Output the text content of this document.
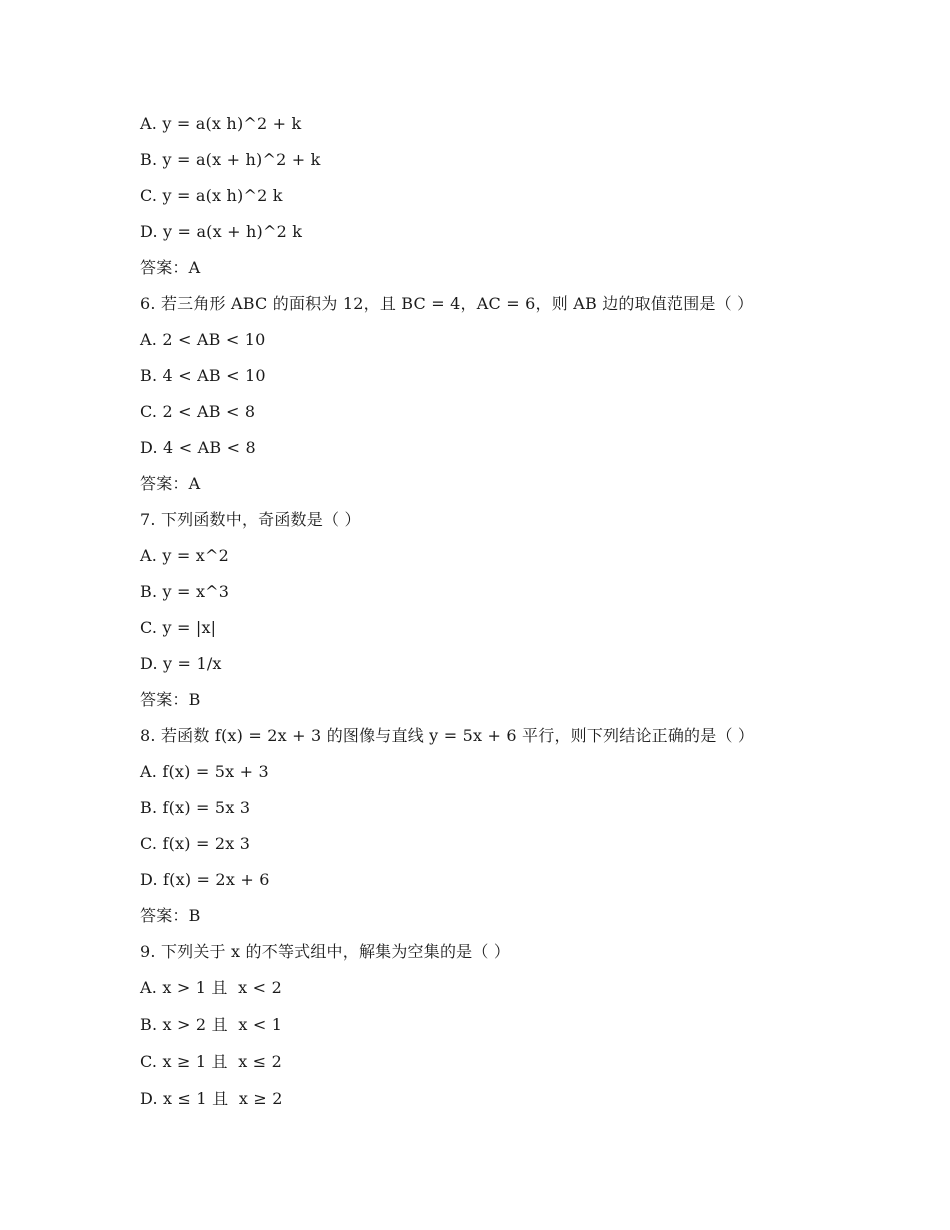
A. y = a(x h)^2 + k
B. y = a(x + h)^2 + k
C. y = a(x h)^2 k
D. y = a(x + h)^2 k
答案：A
6. 若三角形 ABC 的面积为 12，且 BC = 4，AC = 6，则 AB 边的取值范围是（ ）
A. 2 < AB < 10
B. 4 < AB < 10
C. 2 < AB < 8
D. 4 < AB < 8
答案：A
7. 下列函数中，奇函数是（ ）
A. y = x^2
B. y = x^3
C. y = |x|
D. y = 1/x
答案：B
8. 若函数 f(x) = 2x + 3 的图像与直线 y = 5x + 6 平行，则下列结论正确的是（ ）
A. f(x) = 5x + 3
B. f(x) = 5x 3
C. f(x) = 2x 3
D. f(x) = 2x + 6
答案：B
9. 下列关于 x 的不等式组中，解集为空集的是（ ）
A. x > 1 且  x < 2
B. x > 2 且  x < 1
C. x ≥ 1 且  x ≤ 2
D. x ≤ 1 且  x ≥ 2
